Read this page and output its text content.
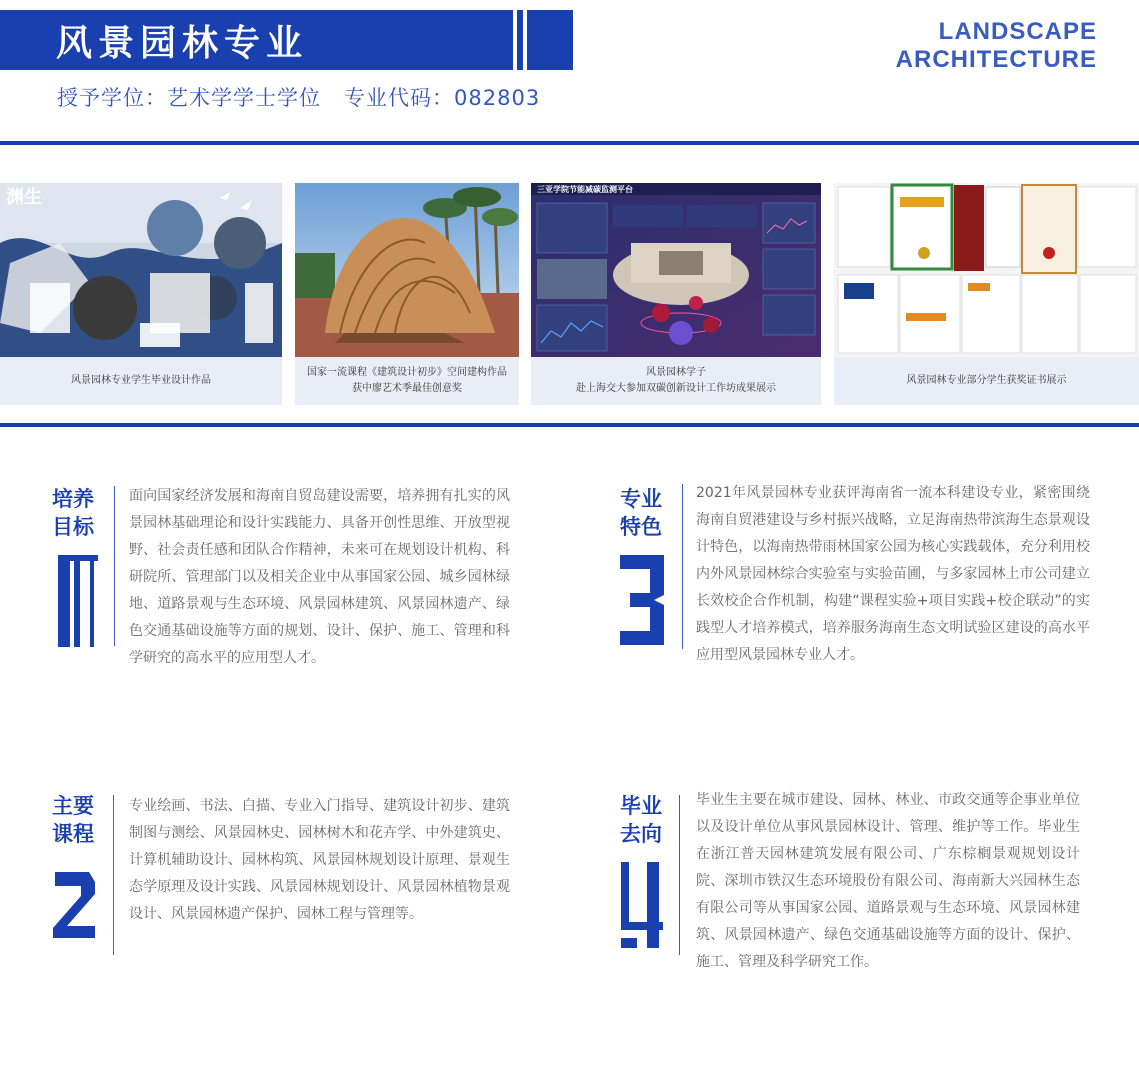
风景园林专业
授予学位：艺术学学士学位   专业代码：082803
LANDSCAPE
ARCHITECTURE
渊生
风景园林专业学生毕业设计作品
国家一流课程《建筑设计初步》空间建构作品
获中廖艺术季最佳创意奖
三亚学院节能减碳监测平台
风景园林学子
赴上海交大参加双碳创新设计工作坊成果展示
风景园林专业部分学生获奖证书展示
培养
目标
1
面向国家经济发展和海南自贸岛建设需要，培养拥有扎实的风景园林基础理论和设计实践能力、具备开创性思维、开放型视野、社会责任感和团队合作精神，未来可在规划设计机构、科研院所、管理部门以及相关企业中从事国家公园、城乡园林绿地、道路景观与生态环境、风景园林建筑、风景园林遗产、绿色交通基础设施等方面的规划、设计、保护、施工、管理和科学研究的高水平的应用型人才。
专业
特色
3
2021年风景园林专业获评海南省一流本科建设专业，紧密围绕海南自贸港建设与乡村振兴战略，立足海南热带滨海生态景观设计特色，以海南热带雨林国家公园为核心实践载体，充分利用校内外风景园林综合实验室与实验苗圃，与多家园林上市公司建立长效校企合作机制，构建“课程实验+项目实践+校企联动”的实践型人才培养模式，培养服务海南生态文明试验区建设的高水平应用型风景园林专业人才。
主要
课程
2
专业绘画、书法、白描、专业入门指导、建筑设计初步、建筑制图与测绘、风景园林史、园林树木和花卉学、中外建筑史、计算机辅助设计、园林构筑、风景园林规划设计原理、景观生态学原理及设计实践、风景园林规划设计、风景园林植物景观设计、风景园林遗产保护、园林工程与管理等。
毕业
去向
4
毕业生主要在城市建设、园林、林业、市政交通等企事业单位以及设计单位从事风景园林设计、管理、维护等工作。毕业生在浙江普天园林建筑发展有限公司、广东棕榈景观规划设计院、深圳市铁汉生态环境股份有限公司、海南新大兴园林生态有限公司等从事国家公园、道路景观与生态环境、风景园林建筑、风景园林遗产、绿色交通基础设施等方面的设计、保护、施工、管理及科学研究工作。
